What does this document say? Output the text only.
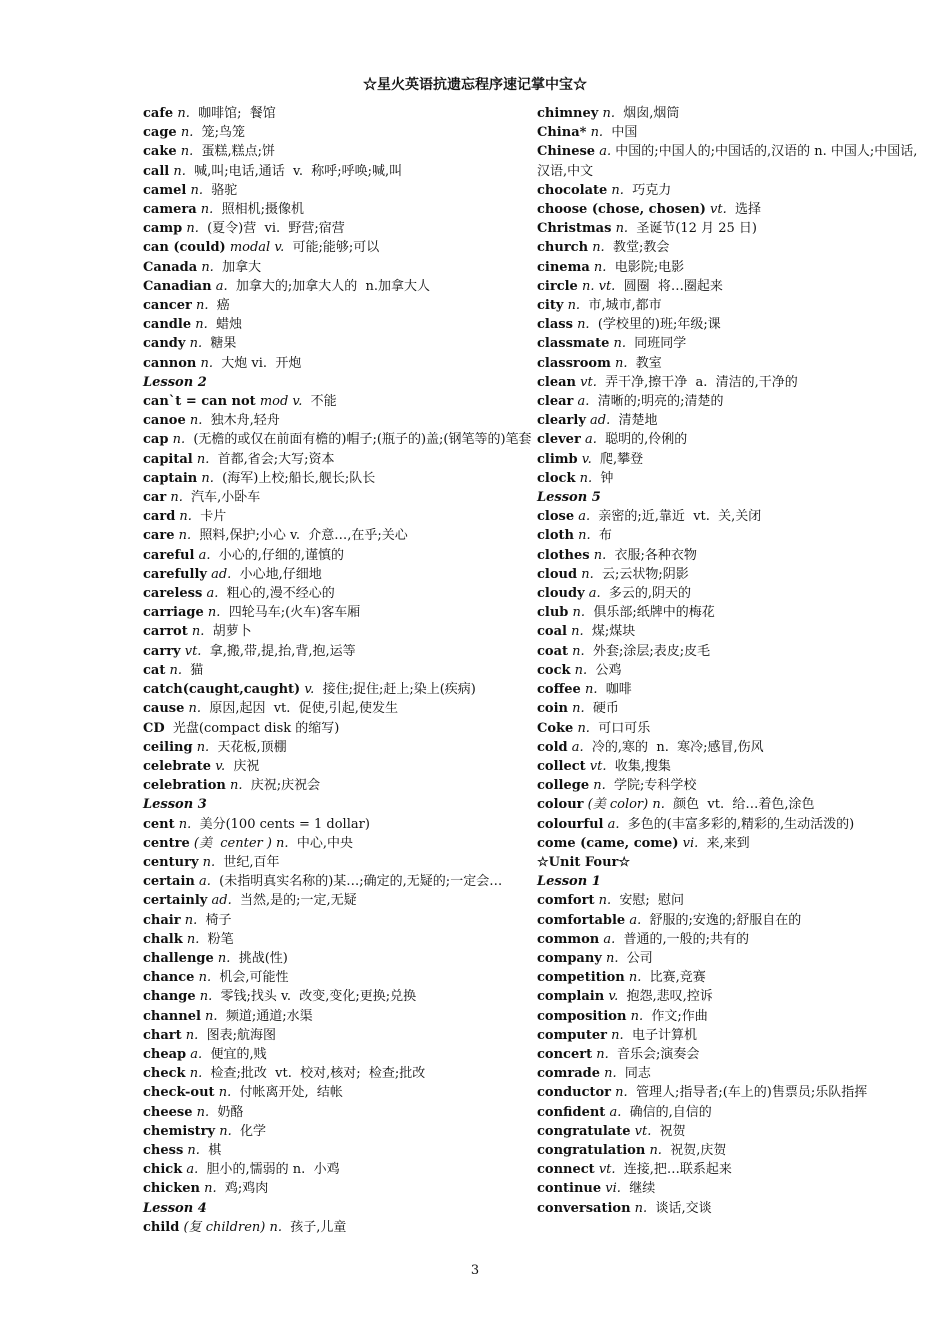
☆星火英语抗遗忘程序速记掌中宝☆
cafe n. 咖啡馆;  餐馆
cage n. 笼;鸟笼
cake n. 蛋糕,糕点;饼
call n. 喊,叫;电话,通话  v.  称呼;呼唤;喊,叫
camel n. 骆驼
camera n. 照相机;摄像机
camp n. (夏令)营  vi.  野营;宿营
can (could) modal v. 可能;能够;可以
Canada n. 加拿大
Canadian a. 加拿大的;加拿大人的  n.加拿大人
cancer n. 癌
candle n. 蜡烛
candy n. 糖果
cannon n. 大炮 vi.  开炮
Lesson 2
can`t = can not mod v. 不能
canoe n. 独木舟,轻舟
cap n. (无檐的或仅在前面有檐的)帽子;(瓶子的)盖;(钢笔等的)笔套
capital n. 首都,省会;大写;资本
captain n. (海军)上校;船长,舰长;队长
car n. 汽车,小卧车
card n. 卡片
care n. 照料,保护;小心 v.  介意…,在乎;关心
careful a. 小心的,仔细的,谨慎的
carefully ad. 小心地,仔细地
careless a. 粗心的,漫不经心的
carriage n. 四轮马车;(火车)客车厢
carrot n. 胡萝卜
carry vt. 拿,搬,带,提,抬,背,抱,运等
cat n. 猫
catch(caught,caught) v. 接住;捉住;赶上;染上(疾病)
cause n. 原因,起因  vt.  促使,引起,使发生
CD 光盘(compact disk 的缩写)
ceiling n. 天花板,顶棚
celebrate v. 庆祝
celebration n. 庆祝;庆祝会
Lesson 3
cent n. 美分(100 cents = 1 dollar)
centre (美  center ) n. 中心,中央
century n. 世纪,百年
certain a. (未指明真实名称的)某…;确定的,无疑的;一定会…
certainly ad. 当然,是的;一定,无疑
chair n. 椅子
chalk n. 粉笔
challenge n. 挑战(性)
chance n. 机会,可能性
change n. 零钱;找头 v.  改变,变化;更换;兑换
channel n. 频道;通道;水渠
chart n. 图表;航海图
cheap a. 便宜的,贱
check n. 检查;批改  vt.  校对,核对;  检查;批改
check-out n. 付帐离开处,  结帐
cheese n. 奶酪
chemistry n. 化学
chess n. 棋
chick a. 胆小的,懦弱的 n.  小鸡
chicken n. 鸡;鸡肉
Lesson 4
child (复 children) n. 孩子,儿童
chimney n. 烟囱,烟筒
China* n. 中国
Chinese a. 中国的;中国人的;中国话的,汉语的 n. 中国人;中国话,汉语,中文
chocolate n. 巧克力
choose (chose, chosen) vt. 选择
Christmas n. 圣诞节(12 月 25 日)
church n. 教堂;教会
cinema n. 电影院;电影
circle n. vt. 圆圈  将…圈起来
city n. 市,城市,都市
class n. (学校里的)班;年级;课
classmate n. 同班同学
classroom n. 教室
clean vt. 弄干净,擦干净  a.  清洁的,干净的
clear a. 清晰的;明亮的;清楚的
clearly ad. 清楚地
clever a. 聪明的,伶俐的
climb v. 爬,攀登
clock n. 钟
Lesson 5
close a. 亲密的;近,靠近  vt.  关,关闭
cloth n. 布
clothes n. 衣服;各种衣物
cloud n. 云;云状物;阴影
cloudy a. 多云的,阴天的
club n. 俱乐部;纸牌中的梅花
coal n. 煤;煤块
coat n. 外套;涂层;表皮;皮毛
cock n. 公鸡
coffee n. 咖啡
coin n. 硬币
Coke n. 可口可乐
cold a. 冷的,寒的  n.  寒冷;感冒,伤风
collect vt. 收集,搜集
college n. 学院;专科学校
colour (美 color) n. 颜色  vt.  给…着色,涂色
colourful a. 多色的(丰富多彩的,精彩的,生动活泼的)
come (came, come) vi. 来,来到
☆Unit Four☆
Lesson 1
comfort n. 安慰;  慰问
comfortable a. 舒服的;安逸的;舒服自在的
common a. 普通的,一般的;共有的
company n. 公司
competition n. 比赛,竞赛
complain v. 抱怨,悲叹,控诉
composition n. 作文;作曲
computer n. 电子计算机
concert n. 音乐会;演奏会
comrade n. 同志
conductor n. 管理人;指导者;(车上的)售票员;乐队指挥
confident a. 确信的,自信的
congratulate vt. 祝贺
congratulation n. 祝贺,庆贺
connect vt. 连接,把…联系起来
continue vi. 继续
conversation n. 谈话,交谈
3
